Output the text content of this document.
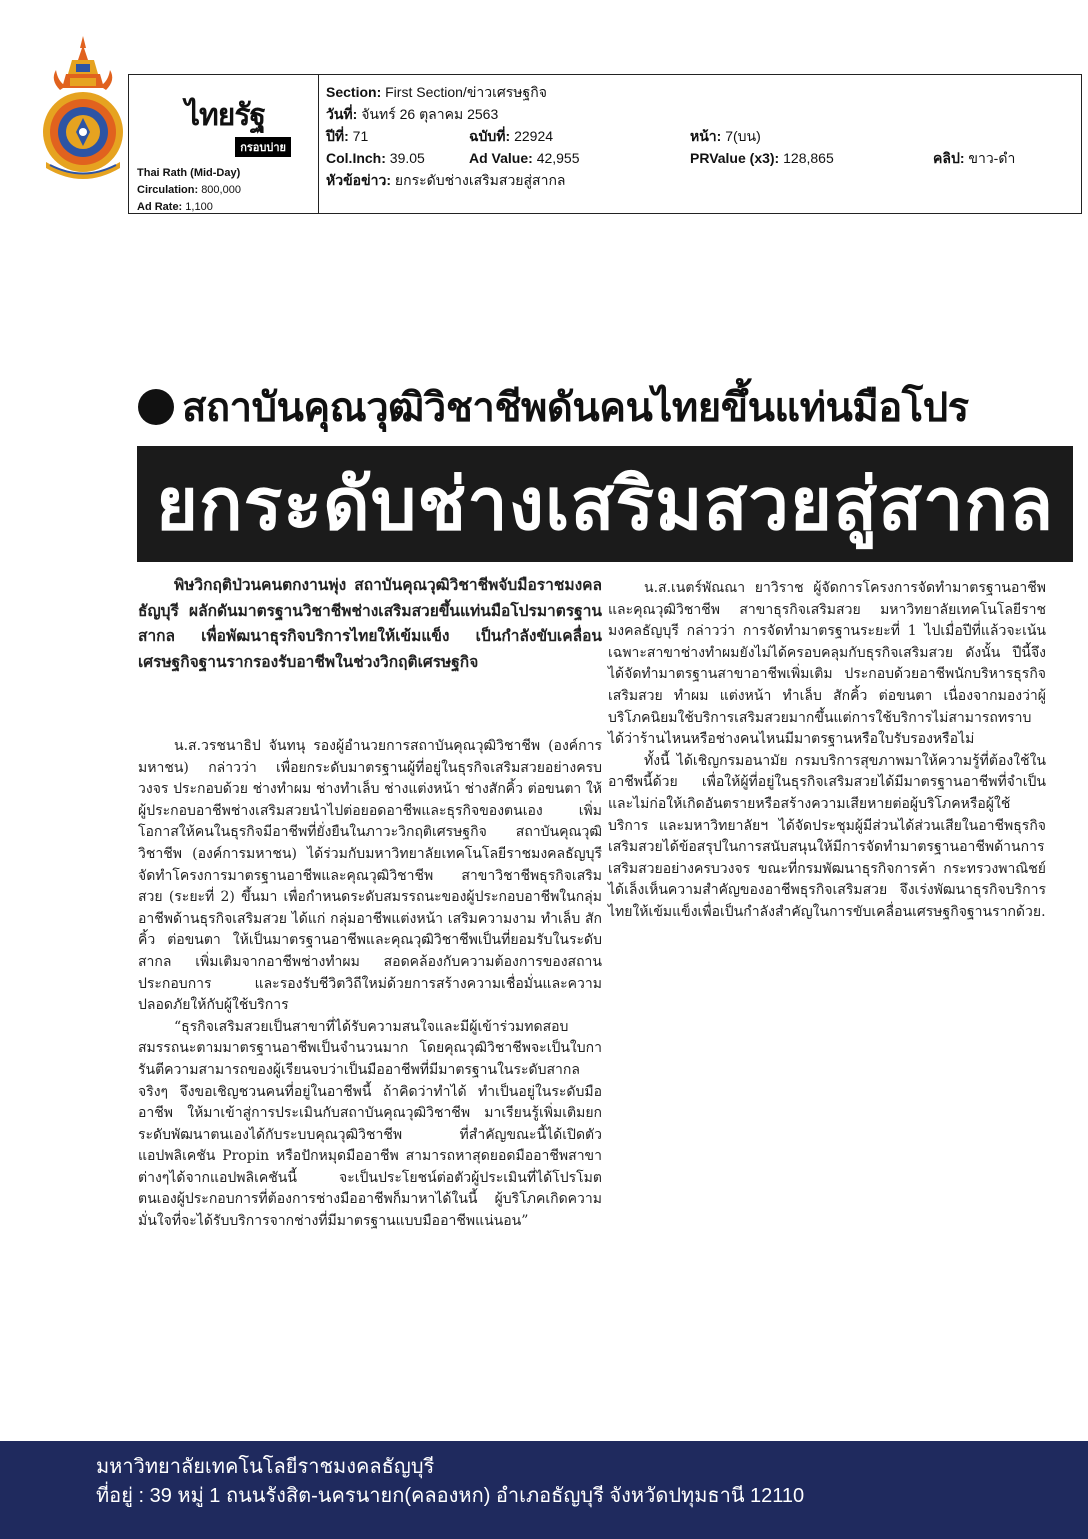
ไทยรัฐ
กรอบบ่าย
Thai Rath (Mid-Day)
Circulation: 800,000
Ad Rate: 1,100
Section: First Section/ข่าวเศรษฐกิจ
วันที่: จันทร์ 26 ตุลาคม 2563
ปีที่: 71	ฉบับที่: 22924	หน้า: 7(บน)
Col.Inch: 39.05	Ad Value: 42,955	PRValue (x3): 128,865	คลิป: ขาว-ดำ
หัวข้อข่าว: ยกระดับช่างเสริมสวยสู่สากล
สถาบันคุณวุฒิวิชาชีพดันคนไทยขึ้นแท่นมือโปร
ยกระดับช่างเสริมสวยสู่สากล

พิษวิกฤติป่วนคนตกงานพุ่ง สถาบันคุณวุฒิวิชาชีพจับมือราชมงคลธัญบุรี ผลักดันมาตรฐานวิชาชีพช่างเสริมสวยขึ้นแท่นมือโปรมาตรฐานสากล เพื่อพัฒนาธุรกิจบริการไทยให้เข้มแข็ง เป็นกำลังขับเคลื่อนเศรษฐกิจฐานรากรองรับอาชีพในช่วงวิกฤติเศรษฐกิจ

น.ส.วรชนาธิป จันทนุ รองผู้อำนวยการสถาบันคุณวุฒิวิชาชีพ (องค์การมหาชน) กล่าวว่า เพื่อยกระดับมาตรฐานผู้ที่อยู่ในธุรกิจเสริมสวยอย่างครบวงจร ประกอบด้วย ช่างทำผม ช่างทำเล็บ ช่างแต่งหน้า ช่างสักคิ้ว ต่อขนตา ให้ผู้ประกอบอาชีพช่างเสริมสวยนำไปต่อยอดอาชีพและธุรกิจของตนเอง เพิ่มโอกาสให้คนในธุรกิจมีอาชีพที่ยั่งยืนในภาวะวิกฤติเศรษฐกิจ สถาบันคุณวุฒิวิชาชีพ (องค์การมหาชน) ได้ร่วมกับมหาวิทยาลัยเทคโนโลยีราชมงคลธัญบุรี จัดทำโครงการมาตรฐานอาชีพและคุณวุฒิวิชาชีพ สาขาวิชาชีพธุรกิจเสริมสวย (ระยะที่ 2) ขึ้นมา เพื่อกำหนดระดับสมรรถนะของผู้ประกอบอาชีพในกลุ่มอาชีพด้านธุรกิจเสริมสวย ได้แก่ กลุ่มอาชีพแต่งหน้า เสริมความงาม ทำเล็บ สักคิ้ว ต่อขนตา ให้เป็นมาตรฐานอาชีพและคุณวุฒิวิชาชีพเป็นที่ยอมรับในระดับสากล เพิ่มเติมจากอาชีพช่างทำผม สอดคล้องกับความต้องการของสถานประกอบการ และรองรับชีวิตวิถีใหม่ด้วยการสร้างความเชื่อมั่นและความปลอดภัยให้กับผู้ใช้บริการ

“ธุรกิจเสริมสวยเป็นสาขาที่ได้รับความสนใจและมีผู้เข้าร่วมทดสอบสมรรถนะตามมาตรฐานอาชีพเป็นจำนวนมาก โดยคุณวุฒิวิชาชีพจะเป็นใบการันตีความสามารถของผู้เรียนจบว่าเป็นมืออาชีพที่มีมาตรฐานในระดับสากลจริงๆ จึงขอเชิญชวนคนที่อยู่ในอาชีพนี้ ถ้าคิดว่าทำได้ ทำเป็นอยู่ในระดับมืออาชีพ ให้มาเข้าสู่การประเมินกับสถาบันคุณวุฒิวิชาชีพ มาเรียนรู้เพิ่มเติมยกระดับพัฒนาตนเองได้กับระบบคุณวุฒิวิชาชีพ ที่สำคัญขณะนี้ได้เปิดตัวแอปพลิเคชัน Propin หรือปักหมุดมืออาชีพ สามารถหาสุดยอดมืออาชีพสาขาต่างๆได้จากแอปพลิเคชันนี้ จะเป็นประโยชน์ต่อตัวผู้ประเมินที่ได้โปรโมตตนเองผู้ประกอบการที่ต้องการช่างมืออาชีพก็มาหาได้ในนี้ ผู้บริโภคเกิดความมั่นใจที่จะได้รับบริการจากช่างที่มีมาตรฐานแบบมืออาชีพแน่นอน”

น.ส.เนตร์พัณณา ยาวิราช ผู้จัดการโครงการจัดทำมาตรฐานอาชีพและคุณวุฒิวิชาชีพ สาขาธุรกิจเสริมสวย มหาวิทยาลัยเทคโนโลยีราชมงคลธัญบุรี กล่าวว่า การจัดทำมาตรฐานระยะที่ 1 ไปเมื่อปีที่แล้วจะเน้นเฉพาะสาขาช่างทำผมยังไม่ได้ครอบคลุมกับธุรกิจเสริมสวย ดังนั้น ปีนี้จึงได้จัดทำมาตรฐานสาขาอาชีพเพิ่มเติม ประกอบด้วยอาชีพนักบริหารธุรกิจเสริมสวย ทำผม แต่งหน้า ทำเล็บ สักคิ้ว ต่อขนตา เนื่องจากมองว่าผู้บริโภคนิยมใช้บริการเสริมสวยมากขึ้นแต่การใช้บริการไม่สามารถทราบได้ว่าร้านไหนหรือช่างคนไหนมีมาตรฐานหรือใบรับรองหรือไม่

ทั้งนี้ ได้เชิญกรมอนามัย กรมบริการสุขภาพมาให้ความรู้ที่ต้องใช้ในอาชีพนี้ด้วย เพื่อให้ผู้ที่อยู่ในธุรกิจเสริมสวยได้มีมาตรฐานอาชีพที่จำเป็น และไม่ก่อให้เกิดอันตรายหรือสร้างความเสียหายต่อผู้บริโภคหรือผู้ใช้บริการ และมหาวิทยาลัยฯ ได้จัดประชุมผู้มีส่วนได้ส่วนเสียในอาชีพธุรกิจเสริมสวยได้ข้อสรุปในการสนับสนุนให้มีการจัดทำมาตรฐานอาชีพด้านการเสริมสวยอย่างครบวงจร ขณะที่กรมพัฒนาธุรกิจการค้า กระทรวงพาณิชย์ได้เล็งเห็นความสำคัญของอาชีพธุรกิจเสริมสวย จึงเร่งพัฒนาธุรกิจบริการไทยให้เข้มแข็งเพื่อเป็นกำลังสำคัญในการขับเคลื่อนเศรษฐกิจฐานรากด้วย.

มหาวิทยาลัยเทคโนโลยีราชมงคลธัญบุรี
ที่อยู่ : 39 หมู่ 1 ถนนรังสิต-นครนายก(คลองหก) อำเภอธัญบุรี จังหวัดปทุมธานี 12110
